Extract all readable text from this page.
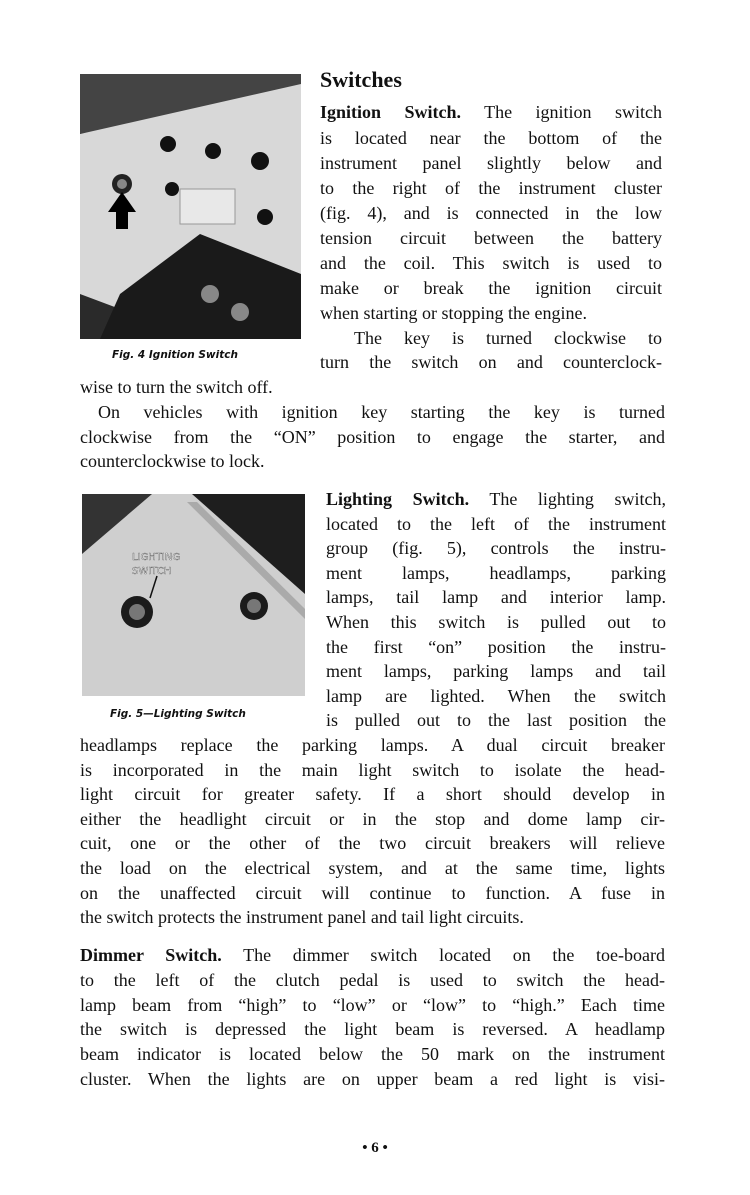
Switches
Fig. 4 Ignition Switch
LIGHTING
SWITCH
Fig. 5—Lighting Switch
Ignition Switch. The ignition switch
is located near the bottom of the
instrument panel slightly below and
to the right of the instrument cluster
(fig. 4), and is connected in the low
tension circuit between the battery
and the coil. This switch is used to
make or break the ignition circuit
when starting or stopping the engine.
The key is turned clockwise to
turn the switch on and counterclock-
wise to turn the switch off.
On vehicles with ignition key starting the key is turned
clockwise from the “ON” position to engage the starter, and
counterclockwise to lock.
Lighting Switch. The lighting switch,
located to the left of the instrument
group (fig. 5), controls the instru-
ment lamps, headlamps, parking
lamps, tail lamp and interior lamp.
When this switch is pulled out to
the first “on” position the instru-
ment lamps, parking lamps and tail
lamp are lighted. When the switch
is pulled out to the last position the
headlamps replace the parking lamps. A dual circuit breaker
is incorporated in the main light switch to isolate the head-
light circuit for greater safety. If a short should develop in
either the headlight circuit or in the stop and dome lamp cir-
cuit, one or the other of the two circuit breakers will relieve
the load on the electrical system, and at the same time, lights
on the unaffected circuit will continue to function. A fuse in
the switch protects the instrument panel and tail light circuits.
Dimmer Switch. The dimmer switch located on the toe-board
to the left of the clutch pedal is used to switch the head-
lamp beam from “high” to “low” or “low” to “high.” Each time
the switch is depressed the light beam is reversed. A headlamp
beam indicator is located below the 50 mark on the instrument
cluster. When the lights are on upper beam a red light is visi-
• 6 •
